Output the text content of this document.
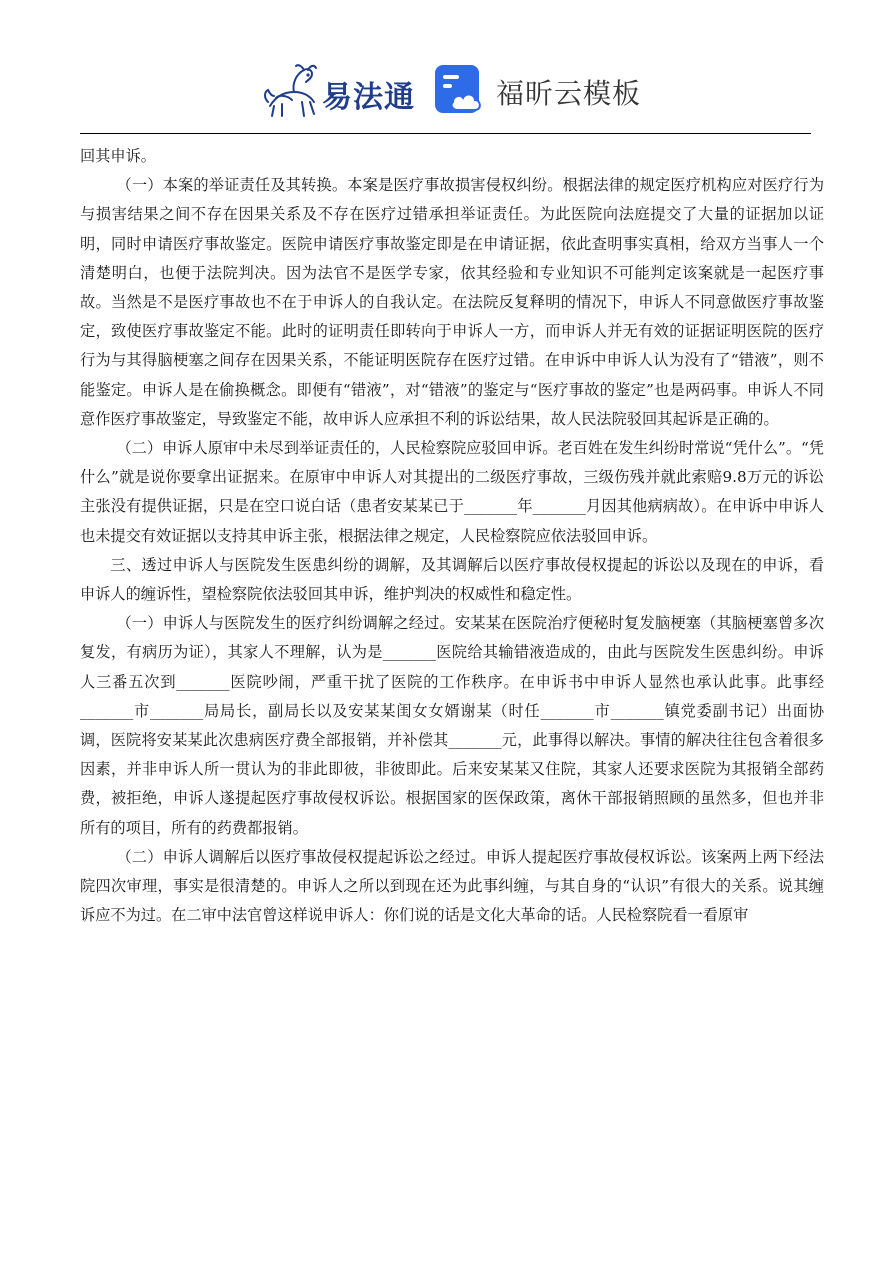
易法通	福昕云模板

回其申诉。

（一）本案的举证责任及其转换。本案是医疗事故损害侵权纠纷。根据法律的规定医疗机构应对医疗行为与损害结果之间不存在因果关系及不存在医疗过错承担举证责任。为此医院向法庭提交了大量的证据加以证明，同时申请医疗事故鉴定。医院申请医疗事故鉴定即是在申请证据，依此查明事实真相，给双方当事人一个清楚明白，也便于法院判决。因为法官不是医学专家，依其经验和专业知识不可能判定该案就是一起医疗事故。当然是不是医疗事故也不在于申诉人的自我认定。在法院反复释明的情况下，申诉人不同意做医疗事故鉴定，致使医疗事故鉴定不能。此时的证明责任即转向于申诉人一方，而申诉人并无有效的证据证明医院的医疗行为与其得脑梗塞之间存在因果关系，不能证明医院存在医疗过错。在申诉中申诉人认为没有了“错液”，则不能鉴定。申诉人是在偷换概念。即便有“错液”，对“错液”的鉴定与“医疗事故的鉴定”也是两码事。申诉人不同意作医疗事故鉴定，导致鉴定不能，故申诉人应承担不利的诉讼结果，故人民法院驳回其起诉是正确的。

（二）申诉人原审中未尽到举证责任的，人民检察院应驳回申诉。老百姓在发生纠纷时常说“凭什么”。“凭什么”就是说你要拿出证据来。在原审中申诉人对其提出的二级医疗事故，三级伤残并就此索赔9.8万元的诉讼主张没有提供证据，只是在空口说白话（患者安某某已于_______年_______月因其他病病故）。在申诉中申诉人也未提交有效证据以支持其申诉主张，根据法律之规定，人民检察院应依法驳回申诉。

三、透过申诉人与医院发生医患纠纷的调解，及其调解后以医疗事故侵权提起的诉讼以及现在的申诉，看申诉人的缠诉性，望检察院依法驳回其申诉，维护判决的权威性和稳定性。

（一）申诉人与医院发生的医疗纠纷调解之经过。安某某在医院治疗便秘时复发脑梗塞（其脑梗塞曾多次复发，有病历为证），其家人不理解，认为是_______医院给其输错液造成的，由此与医院发生医患纠纷。申诉人三番五次到_______医院吵闹，严重干扰了医院的工作秩序。在申诉书中申诉人显然也承认此事。此事经_______市_______局局长，副局长以及安某某闺女女婿谢某（时任_______市_______镇党委副书记）出面协调，医院将安某某此次患病医疗费全部报销，并补偿其_______元，此事得以解决。事情的解决往往包含着很多因素，并非申诉人所一贯认为的非此即彼，非彼即此。后来安某某又住院，其家人还要求医院为其报销全部药费，被拒绝，申诉人遂提起医疗事故侵权诉讼。根据国家的医保政策，离休干部报销照顾的虽然多，但也并非所有的项目，所有的药费都报销。

（二）申诉人调解后以医疗事故侵权提起诉讼之经过。申诉人提起医疗事故侵权诉讼。该案两上两下经法院四次审理，事实是很清楚的。申诉人之所以到现在还为此事纠缠，与其自身的“认识”有很大的关系。说其缠诉应不为过。在二审中法官曾这样说申诉人：你们说的话是文化大革命的话。人民检察院看一看原审
